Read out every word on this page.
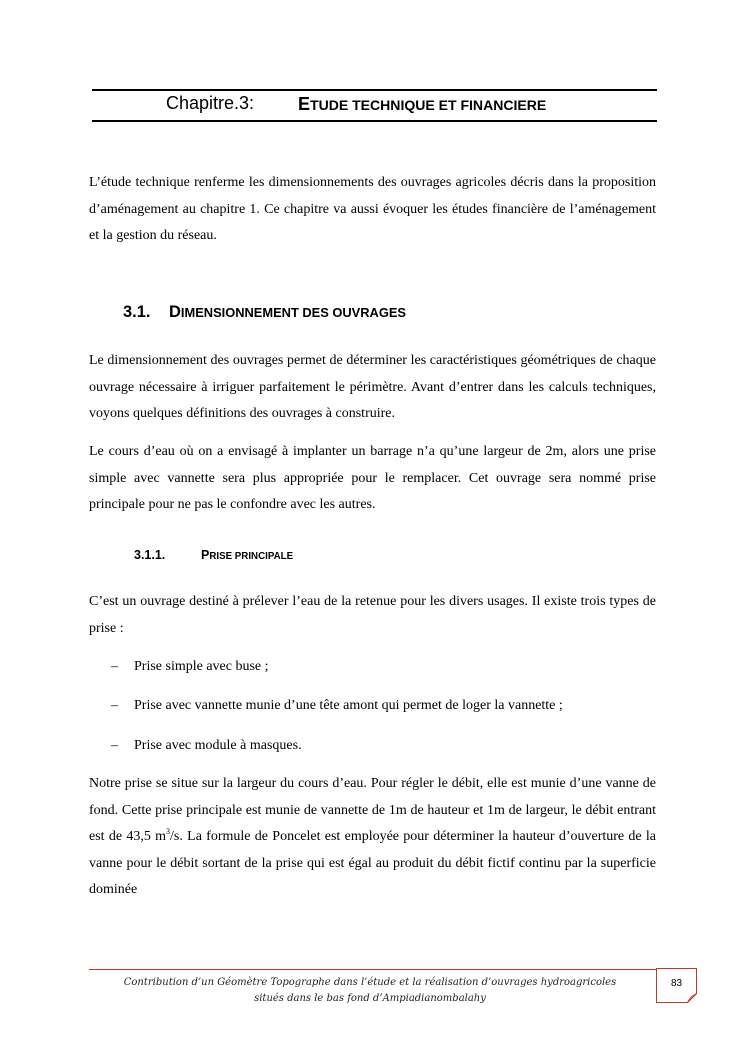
Chapitre.3: ETUDE TECHNIQUE ET FINANCIERE

L’étude technique renferme les dimensionnements des ouvrages agricoles décris dans la proposition d’aménagement au chapitre 1. Ce chapitre va aussi évoquer les études financière de l’aménagement et la gestion du réseau.

3.1. DIMENSIONNEMENT DES OUVRAGES

Le dimensionnement des ouvrages permet de déterminer les caractéristiques géométriques de chaque ouvrage nécessaire à irriguer parfaitement le périmètre. Avant d’entrer dans les calculs techniques, voyons quelques définitions des ouvrages à construire.

Le cours d’eau où on a envisagé à implanter un barrage n’a qu’une largeur de 2m, alors une prise simple avec vannette sera plus appropriée pour le remplacer. Cet ouvrage sera nommé prise principale pour ne pas le confondre avec les autres.

3.1.1.	PRISE PRINCIPALE

C’est un ouvrage destiné à prélever l’eau de la retenue pour les divers usages. Il existe trois types de prise :

– Prise simple avec buse ;
– Prise avec vannette munie d’une tête amont qui permet de loger la vannette ;
– Prise avec module à masques.

Notre prise se situe sur la largeur du cours d’eau. Pour régler le débit, elle est munie d’une vanne de fond. Cette prise principale est munie de vannette de 1m de hauteur et 1m de largeur, le débit entrant est de 43,5 $m^3/s$. La formule de Poncelet est employée pour déterminer la hauteur d’ouverture de la vanne pour le débit sortant de la prise qui est égal au produit du débit fictif continu par la superficie dominée

Contribution d’un Géomètre Topographe dans l’étude et la réalisation d’ouvrages hydroagricoles situés dans le bas fond d’Ampiadianombalahy
83
